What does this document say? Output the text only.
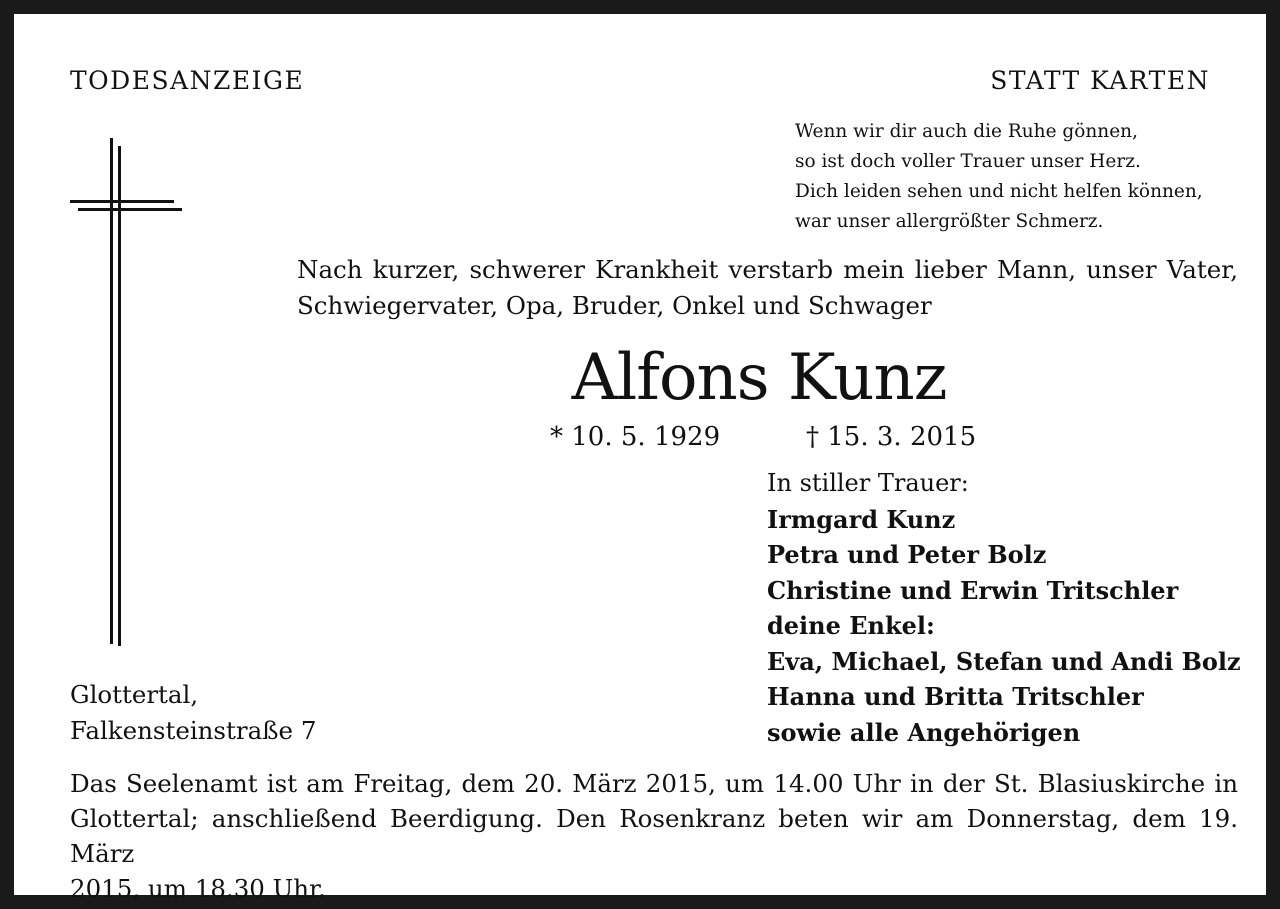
TODESANZEIGE	STATT KARTEN

Wenn wir dir auch die Ruhe gönnen,
so ist doch voller Trauer unser Herz.
Dich leiden sehen und nicht helfen können,
war unser allergrößter Schmerz.
Nach kurzer, schwerer Krankheit verstarb mein lieber Mann, unser Vater,
Schwiegervater, Opa, Bruder, Onkel und Schwager

Alfons Kunz

* 10. 5. 1929	† 15. 3. 2015

In stiller Trauer:
Irmgard Kunz
Petra und Peter Bolz
Christine und Erwin Tritschler
deine Enkel:
Eva, Michael, Stefan und Andi Bolz
Hanna und Britta Tritschler
sowie alle Angehörigen
Glottertal,
Falkensteinstraße 7
Das Seelenamt ist am Freitag, dem 20. März 2015, um 14.00 Uhr in der St. Blasiuskirche in
Glottertal; anschließend Beerdigung. Den Rosenkranz beten wir am Donnerstag, dem 19. März
2015, um 18.30 Uhr.
